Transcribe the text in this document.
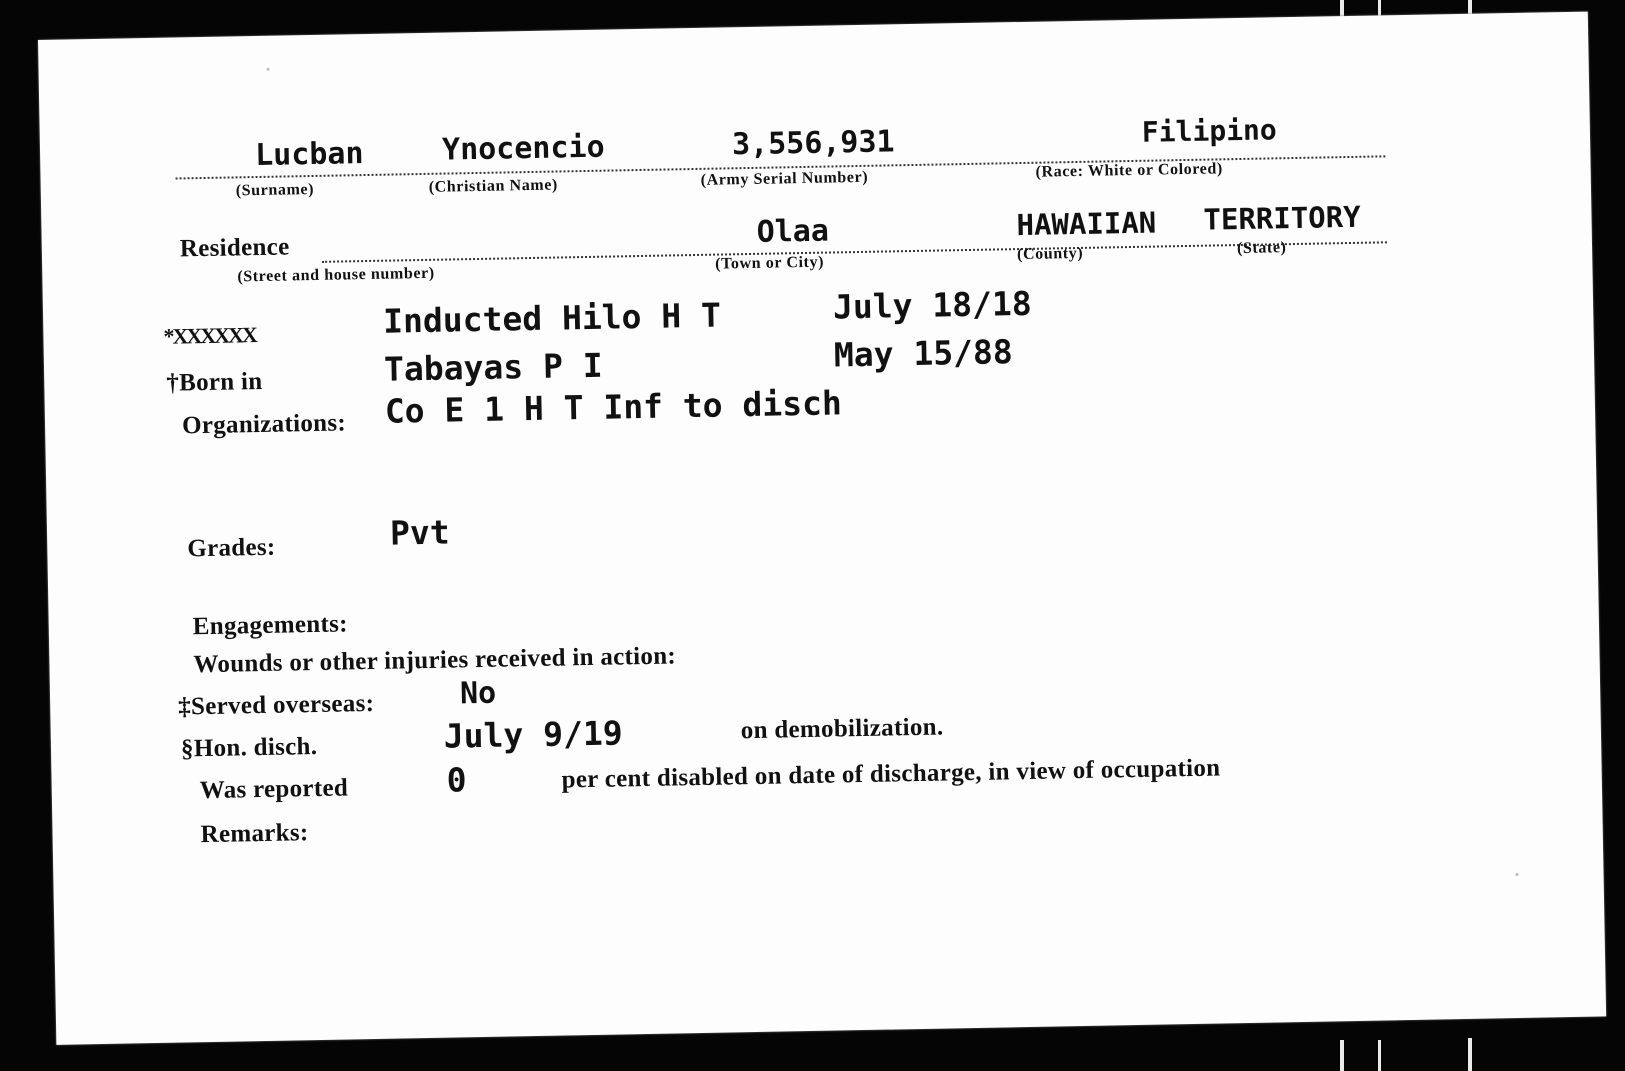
Lucban	Ynocencio	3,556,931	Filipino
(Surname)	(Christian Name)	(Army Serial Number)	(Race: White or Colored)
Residence	Olaa	HAWAIIAN TERRITORY
(Street and house number)
(Town or City)	(County)	(State)
*XXXXXX	Inducted Hilo H T	July 18/18
†Born in	Tabayas P I	May 15/88
Organizations: Co E 1 H T Inf to disch
Grades:	Pvt
Engagements:
Wounds or other injuries received in action:
‡Served overseas:	No
§Hon. disch.	July 9/19	on demobilization.
Was reported	0	per cent disabled on date of discharge, in view of occupation
Remarks:
